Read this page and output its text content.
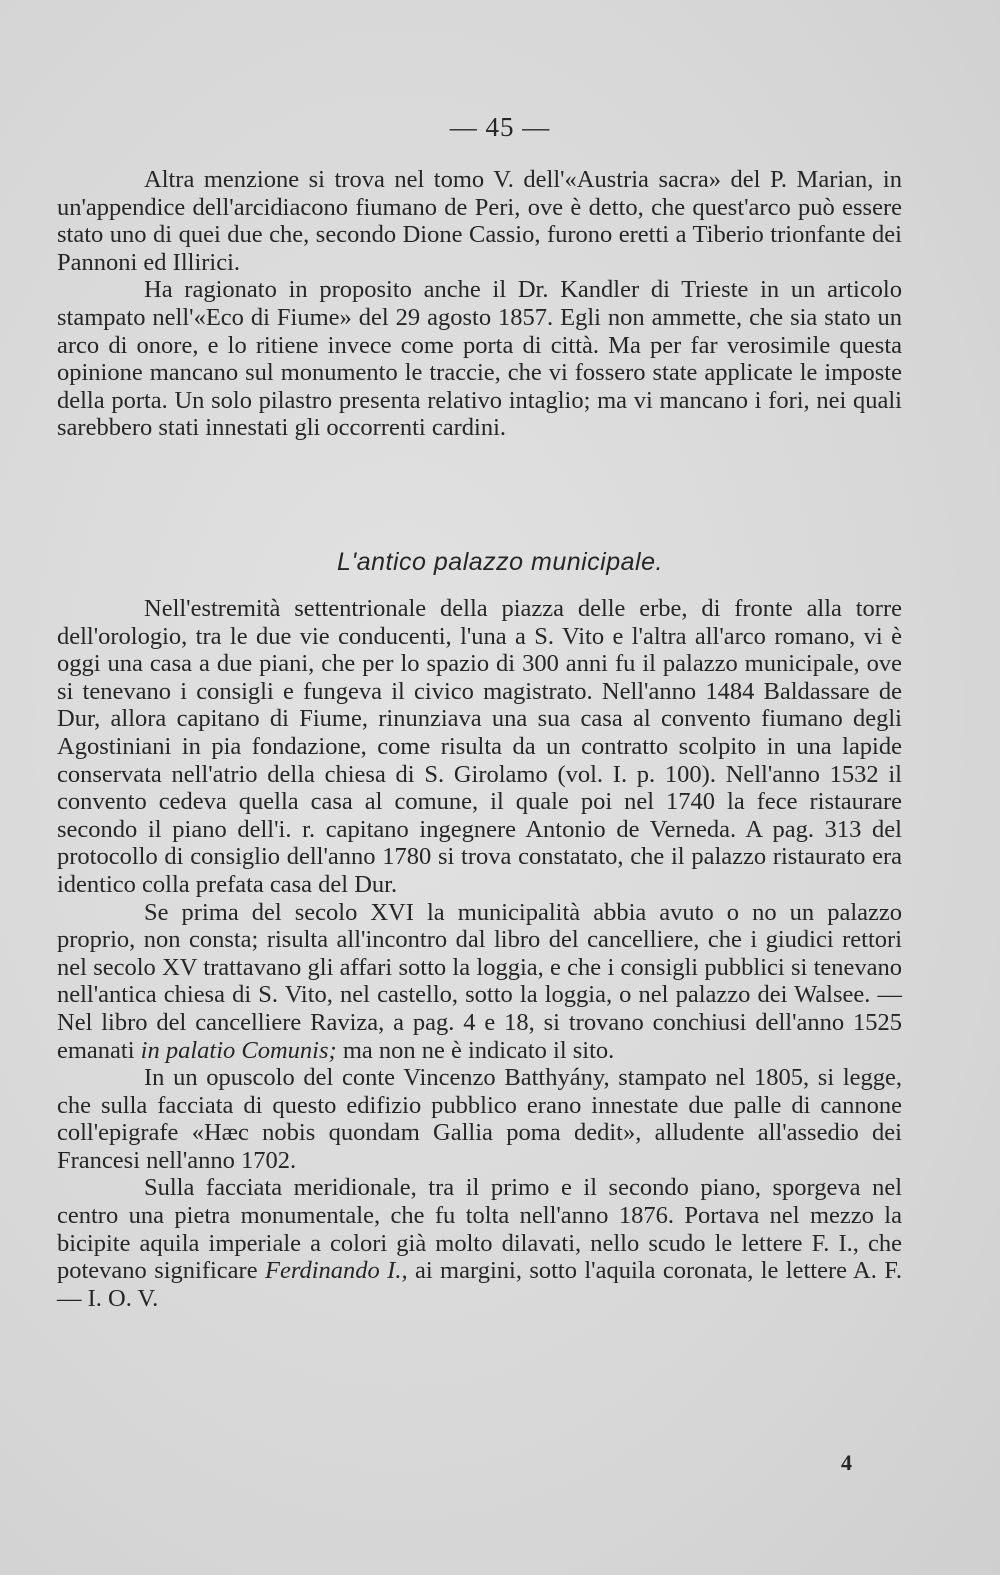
— 45 —

Altra menzione si trova nel tomo V. dell'«Austria sacra» del P. Marian, in un'appendice dell'arcidiacono fiumano de Peri, ove è detto, che quest'arco può essere stato uno di quei due che, secondo Dione Cassio, furono eretti a Tiberio trionfante dei Pannoni ed Illirici.

Ha ragionato in proposito anche il Dr. Kandler di Trieste in un articolo stampato nell'«Eco di Fiume» del 29 agosto 1857. Egli non ammette, che sia stato un arco di onore, e lo ritiene invece come porta di città. Ma per far verosimile questa opinione mancano sul monumento le traccie, che vi fossero state applicate le imposte della porta. Un solo pilastro presenta relativo intaglio; ma vi mancano i fori, nei quali sarebbero stati innestati gli occorrenti cardini.

L'antico palazzo municipale.

Nell'estremità settentrionale della piazza delle erbe, di fronte alla torre dell'orologio, tra le due vie conducenti, l'una a S. Vito e l'altra all'arco romano, vi è oggi una casa a due piani, che per lo spazio di 300 anni fu il palazzo municipale, ove si tenevano i consigli e fungeva il civico magistrato. Nell'anno 1484 Baldassare de Dur, allora capitano di Fiume, rinunziava una sua casa al convento fiumano degli Agostiniani in pia fondazione, come risulta da un contratto scolpito in una lapide conservata nell'atrio della chiesa di S. Girolamo (vol. I. p. 100). Nell'anno 1532 il convento cedeva quella casa al comune, il quale poi nel 1740 la fece ristaurare secondo il piano dell'i. r. capitano ingegnere Antonio de Verneda. A pag. 313 del protocollo di consiglio dell'anno 1780 si trova constatato, che il palazzo ristaurato era identico colla prefata casa del Dur.

Se prima del secolo XVI la municipalità abbia avuto o no un palazzo proprio, non consta; risulta all'incontro dal libro del cancelliere, che i giudici rettori nel secolo XV trattavano gli affari sotto la loggia, e che i consigli pubblici si tenevano nell'antica chiesa di S. Vito, nel castello, sotto la loggia, o nel palazzo dei Walsee. — Nel libro del cancelliere Raviza, a pag. 4 e 18, si trovano conchiusi dell'anno 1525 emanati in palatio Comunis; ma non ne è indicato il sito.

In un opuscolo del conte Vincenzo Batthyány, stampato nel 1805, si legge, che sulla facciata di questo edifizio pubblico erano innestate due palle di cannone coll'epigrafe «Hæc nobis quondam Gallia poma dedit», alludente all'assedio dei Francesi nell'anno 1702.

Sulla facciata meridionale, tra il primo e il secondo piano, sporgeva nel centro una pietra monumentale, che fu tolta nell'anno 1876. Portava nel mezzo la bicipite aquila imperiale a colori già molto dilavati, nello scudo le lettere F. I., che potevano significare Ferdinando I., ai margini, sotto l'aquila coronata, le lettere A. F. — I. O. V.

4
